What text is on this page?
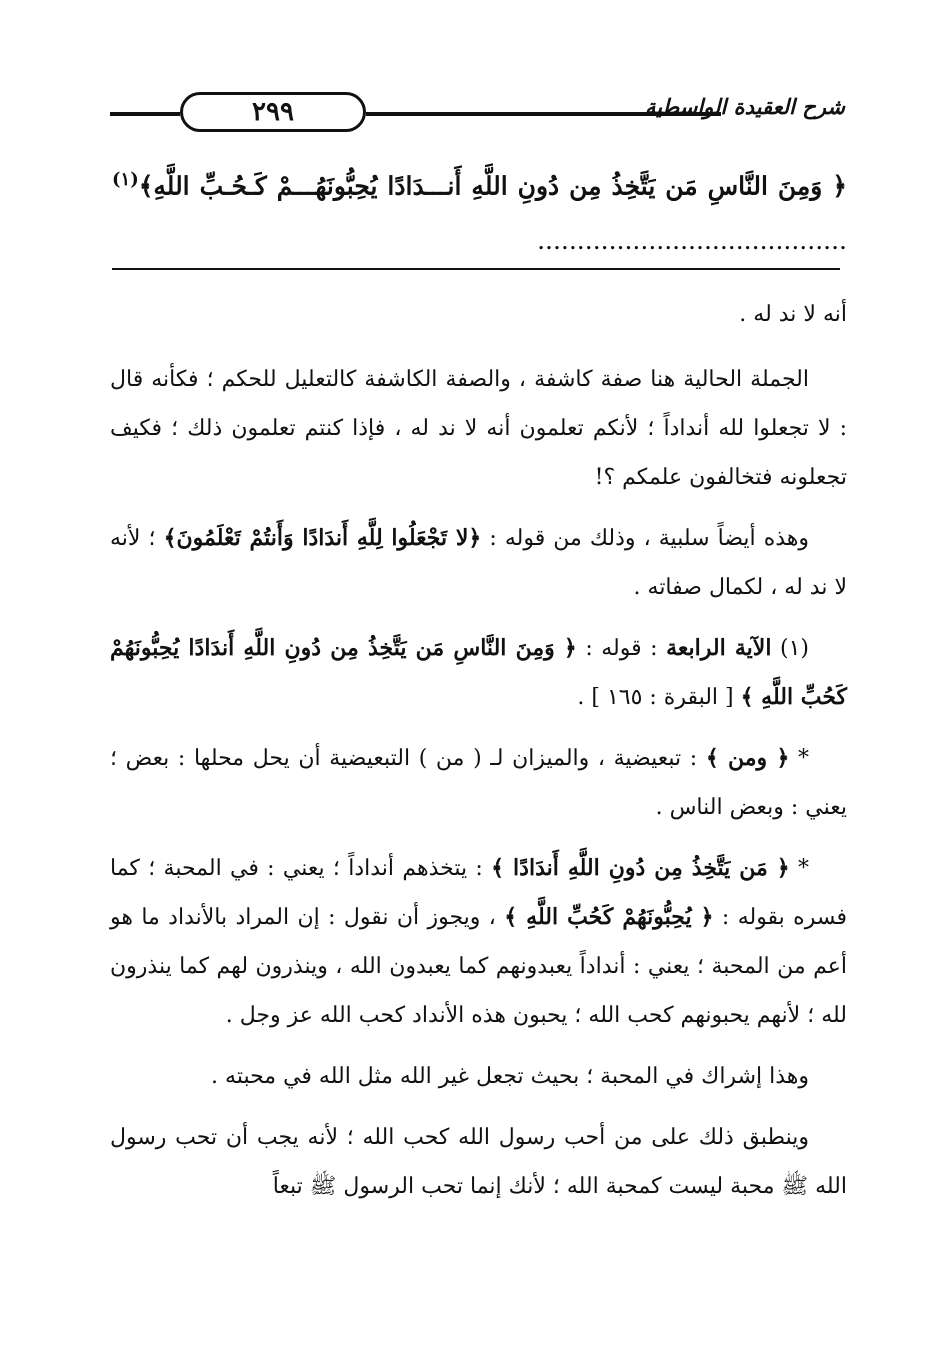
٢٩٩	شرح العقيدة الواسطية
﴿ وَمِنَ النَّاسِ مَن يَتَّخِذُ مِن دُونِ اللَّهِ أَنـــدَادًا يُحِبُّونَهُـــمْ كَـحُـبِّ اللَّهِ﴾$^{(١)}$ .......................................

أنه لا ند له .

الجملة الحالية هنا صفة كاشفة ، والصفة الكاشفة كالتعليل للحكم ؛ فكأنه قال : لا تجعلوا لله أنداداً ؛ لأنكم تعلمون أنه لا ند له ، فإذا كنتم تعلمون ذلك ؛ فكيف تجعلونه فتخالفون علمكم ؟!

وهذه أيضاً سلبية ، وذلك من قوله : ﴿لا تَجْعَلُوا لِلَّهِ أَندَادًا وَأَنتُمْ تَعْلَمُونَ﴾ ؛ لأنه لا ند له ، لكمال صفاته .

(١) الآية الرابعة : قوله : ﴿ وَمِنَ النَّاسِ مَن يَتَّخِذُ مِن دُونِ اللَّهِ أَندَادًا يُحِبُّونَهُمْ كَحُبِّ اللَّهِ ﴾ [ البقرة : ١٦٥ ] .

* ﴿ ومن ﴾ : تبعيضية ، والميزان لـ ( من ) التبعيضية أن يحل محلها : بعض ؛ يعني : وبعض الناس .

* ﴿ مَن يَتَّخِذُ مِن دُونِ اللَّهِ أَندَادًا ﴾ : يتخذهم أنداداً ؛ يعني : في المحبة ؛ كما فسره بقوله : ﴿ يُحِبُّونَهُمْ كَحُبِّ اللَّهِ ﴾ ، ويجوز أن نقول : إن المراد بالأنداد ما هو أعم من المحبة ؛ يعني : أنداداً يعبدونهم كما يعبدون الله ، وينذرون لهم كما ينذرون لله ؛ لأنهم يحبونهم كحب الله ؛ يحبون هذه الأنداد كحب الله عز وجل .

وهذا إشراك في المحبة ؛ بحيث تجعل غير الله مثل الله في محبته .

وينطبق ذلك على من أحب رسول الله كحب الله ؛ لأنه يجب أن تحب رسول الله ﷺ محبة ليست كمحبة الله ؛ لأنك إنما تحب الرسول ﷺ تبعاً
